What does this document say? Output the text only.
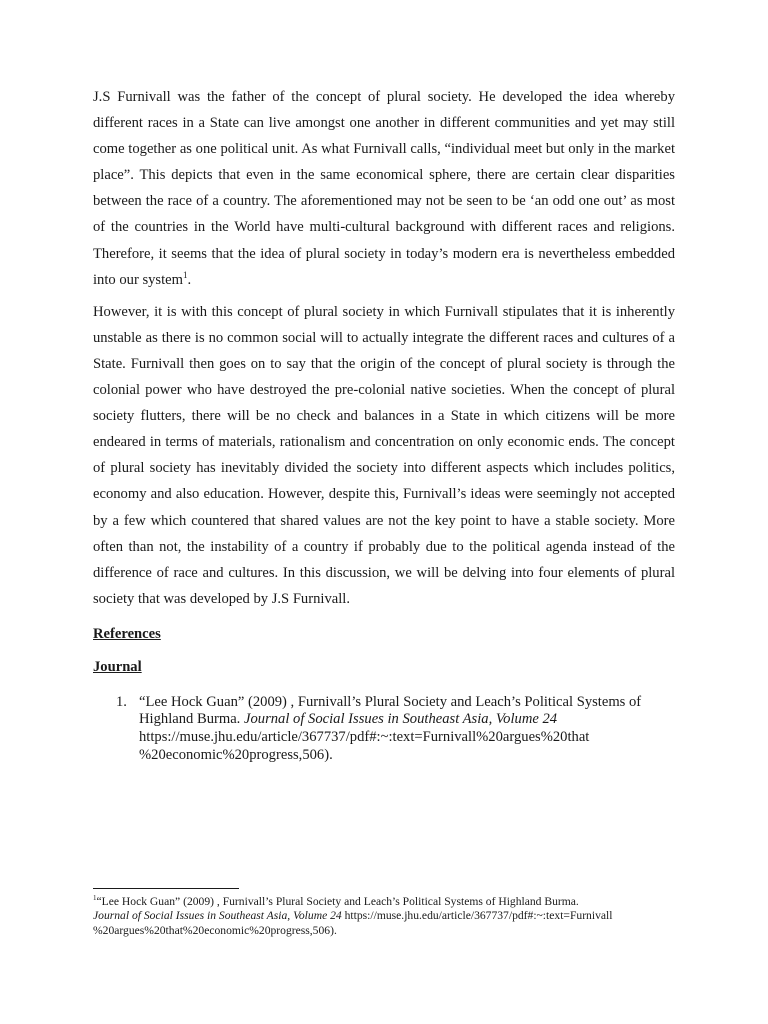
J.S Furnivall was the father of the concept of plural society. He developed the idea whereby different races in a State can live amongst one another in different communities and yet may still come together as one political unit. As what Furnivall calls, “individual meet but only in the market place”. This depicts that even in the same economical sphere, there are certain clear disparities between the race of a country. The aforementioned may not be seen to be ‘an odd one out’ as most of the countries in the World have multi-cultural background with different races and religions. Therefore, it seems that the idea of plural society in today’s modern era is nevertheless embedded into our system$^1$.

However, it is with this concept of plural society in which Furnivall stipulates that it is inherently unstable as there is no common social will to actually integrate the different races and cultures of a State. Furnivall then goes on to say that the origin of the concept of plural society is through the colonial power who have destroyed the pre-colonial native societies. When the concept of plural society flutters, there will be no check and balances in a State in which citizens will be more endeared in terms of materials, rationalism and concentration on only economic ends. The concept of plural society has inevitably divided the society into different aspects which includes politics, economy and also education. However, despite this, Furnivall’s ideas were seemingly not accepted by a few which countered that shared values are not the key point to have a stable society. More often than not, the instability of a country if probably due to the political agenda instead of the difference of race and cultures. In this discussion, we will be delving into four elements of plural society that was developed by J.S Furnivall.

References

Journal

1. “Lee Hock Guan” (2009) , Furnivall’s Plural Society and Leach’s Political Systems of Highland Burma. Journal of Social Issues in Southeast Asia, Volume 24
https://muse.jhu.edu/article/367737/pdf#:~:text=Furnivall%20argues%20that %20economic%20progress,506).

$^1$“Lee Hock Guan” (2009) , Furnivall’s Plural Society and Leach’s Political Systems of Highland Burma.
Journal of Social Issues in Southeast Asia, Volume 24 https://muse.jhu.edu/article/367737/pdf#:~:text=Furnivall %20argues%20that%20economic%20progress,506).
